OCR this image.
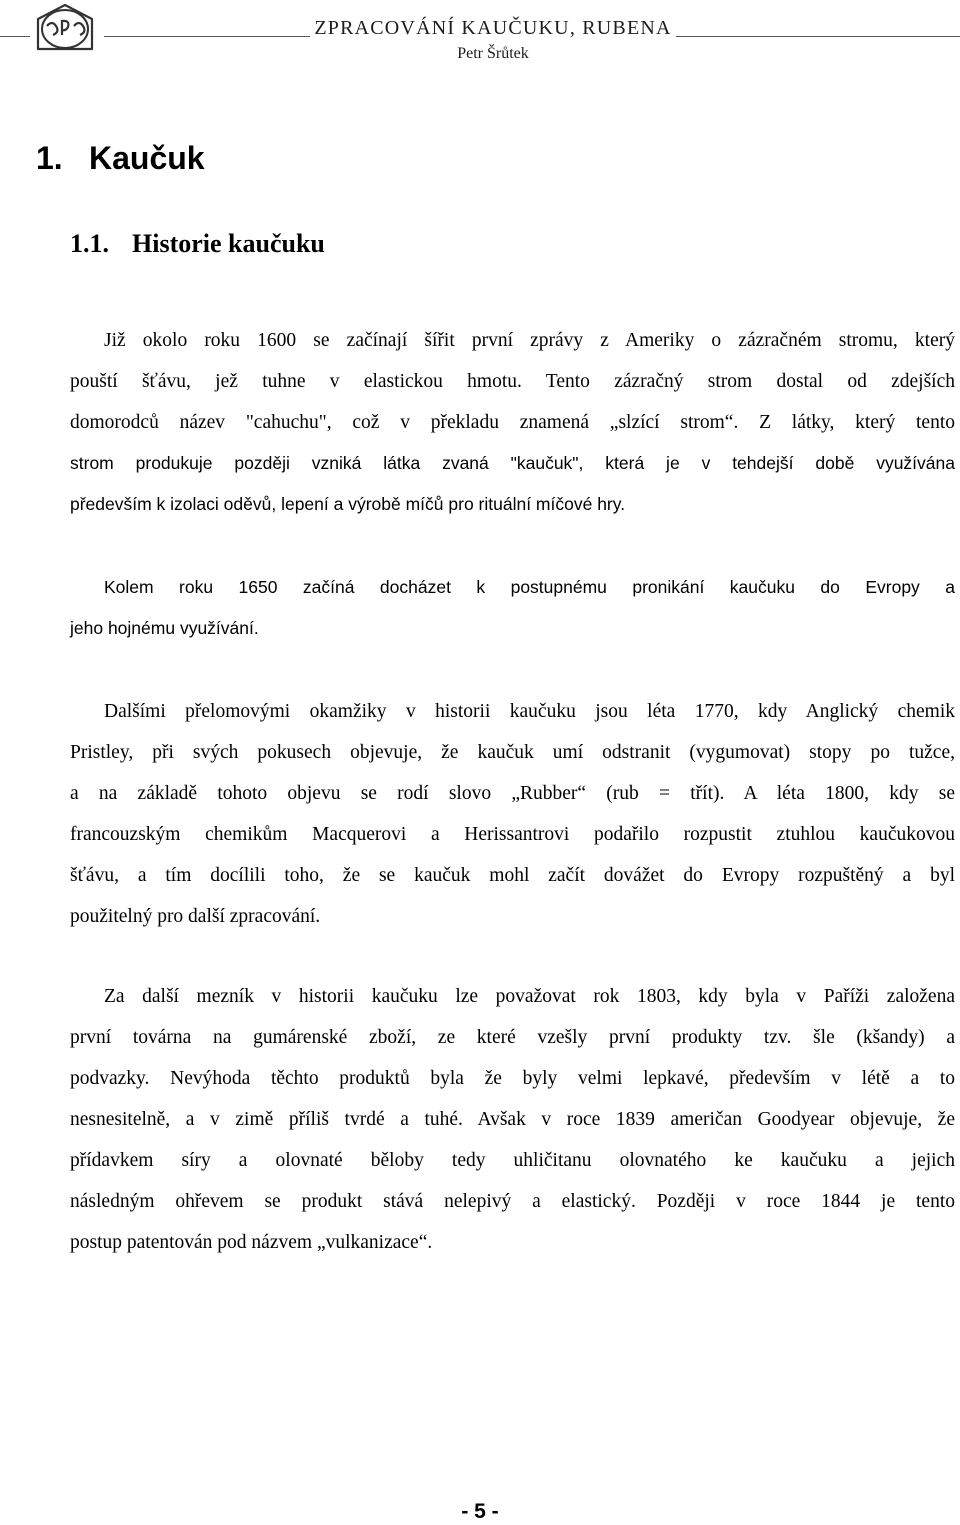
ZPRACOVÁNÍ KAUČUKU, RUBENA
Petr Šrůtek
1. Kaučuk
1.1. Historie kaučuku
Již okolo roku 1600 se začínají šířit první zprávy z Ameriky o zázračném stromu, který
pouští šťávu, jež tuhne v elastickou hmotu. Tento zázračný strom dostal od zdejších
domorodců název "cahuchu", což v překladu znamená „slzící strom“. Z látky, který tento
strom produkuje později vzniká látka zvaná "kaučuk", která je v tehdejší době využívána
především k izolaci oděvů, lepení a výrobě míčů pro rituální míčové hry.
Kolem roku 1650 začíná docházet k postupnému pronikání kaučuku do Evropy a
jeho hojnému využívání.
Dalšími přelomovými okamžiky v historii kaučuku jsou léta 1770, kdy Anglický chemik
Pristley, při svých pokusech objevuje, že kaučuk umí odstranit (vygumovat) stopy po tužce,
a na základě tohoto objevu se rodí slovo „Rubber“ (rub = třít). A léta 1800, kdy se
francouzským chemikům Macquerovi a Herissantrovi podařilo rozpustit ztuhlou kaučukovou
šťávu, a tím docílili toho, že se kaučuk mohl začít dovážet do Evropy rozpuštěný a byl
použitelný pro další zpracování.
Za další mezník v historii kaučuku lze považovat rok 1803, kdy byla v Paříži založena
první továrna na gumárenské zboží, ze které vzešly první produkty tzv. šle (kšandy) a
podvazky. Nevýhoda těchto produktů byla že byly velmi lepkavé, především v létě a to
nesnesitelně, a v zimě příliš tvrdé a tuhé. Avšak v roce 1839 američan Goodyear objevuje, že
přídavkem síry a olovnaté běloby tedy uhličitanu olovnatého ke kaučuku a jejich
následným ohřevem se produkt stává nelepivý a elastický. Později v roce 1844 je tento
postup patentován pod názvem „vulkanizace“.
- 5 -
